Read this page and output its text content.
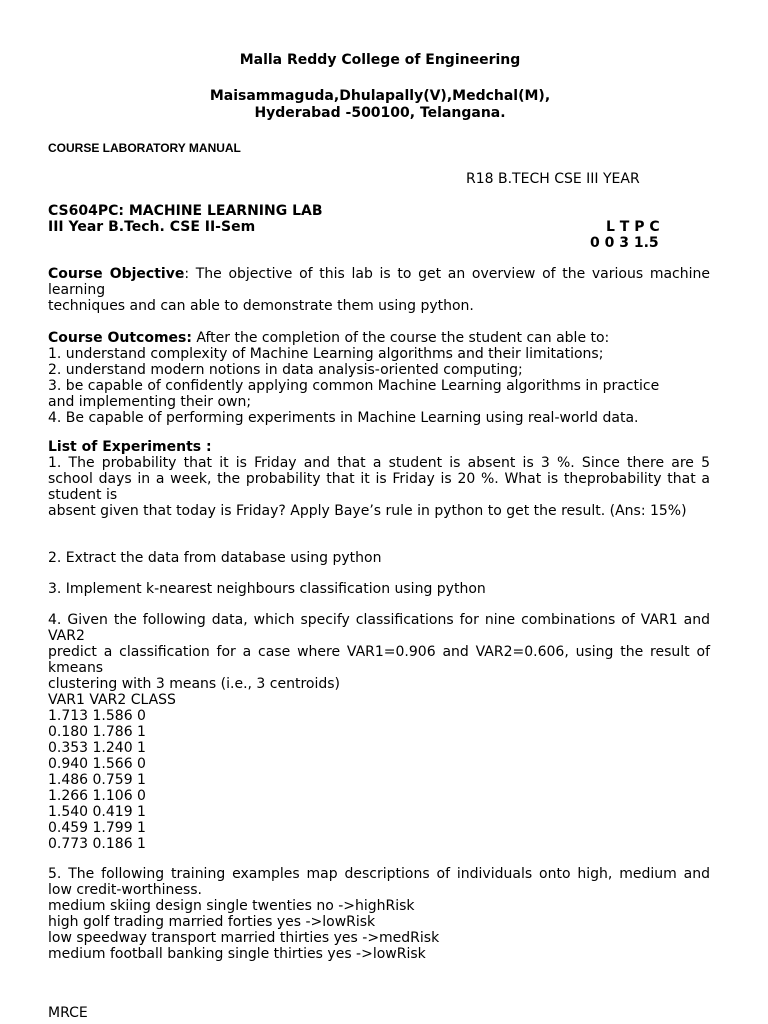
Malla Reddy College of Engineering
Maisammaguda,Dhulapally(V),Medchal(M),
Hyderabad -500100, Telangana.
COURSE LABORATORY MANUAL
R18 B.TECH CSE III YEAR
CS604PC: MACHINE LEARNING LAB
III Year B.Tech. CSE II-Sem	L T P C
0 0 3 1.5
Course Objective: The objective of this lab is to get an overview of the various machine
learning
techniques and can able to demonstrate them using python.
Course Outcomes: After the completion of the course the student can able to:
1. understand complexity of Machine Learning algorithms and their limitations;
2. understand modern notions in data analysis-oriented computing;
3. be capable of confidently applying common Machine Learning algorithms in practice
and implementing their own;
4. Be capable of performing experiments in Machine Learning using real-world data.
List of Experiments :
1. The probability that it is Friday and that a student is absent is 3 %. Since there are 5
school days in a week, the probability that it is Friday is 20 %. What is theprobability that a
student is
absent given that today is Friday? Apply Baye’s rule in python to get the result. (Ans: 15%)
2. Extract the data from database using python
3. Implement k-nearest neighbours classification using python
4. Given the following data, which specify classifications for nine combinations of VAR1 and
VAR2
predict a classification for a case where VAR1=0.906 and VAR2=0.606, using the result of
kmeans
clustering with 3 means (i.e., 3 centroids)
VAR1 VAR2 CLASS
1.713 1.586 0
0.180 1.786 1
0.353 1.240 1
0.940 1.566 0
1.486 0.759 1
1.266 1.106 0
1.540 0.419 1
0.459 1.799 1
0.773 0.186 1
5. The following training examples map descriptions of individuals onto high, medium and
low credit-worthiness.
medium skiing design single twenties no ->highRisk
high golf trading married forties yes ->lowRisk
low speedway transport married thirties yes ->medRisk
medium football banking single thirties yes ->lowRisk
MRCE
